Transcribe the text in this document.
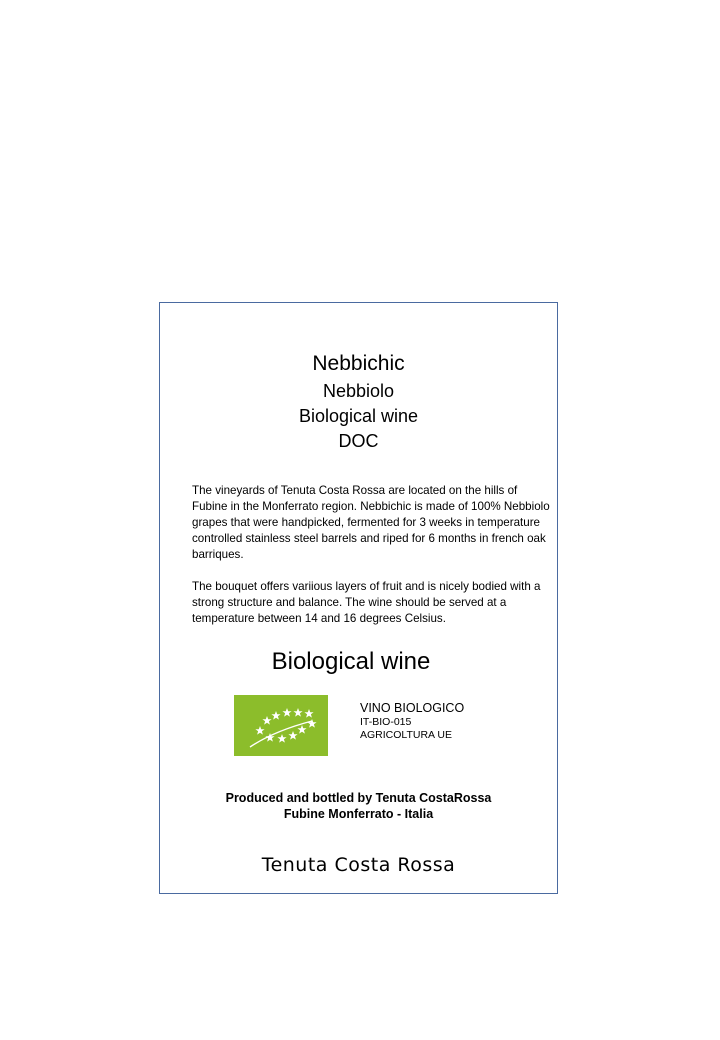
Nebbichic
Nebbiolo
Biological wine
DOC

The vineyards of Tenuta Costa Rossa are located on the hills of Fubine in the Monferrato region. Nebbichic is made of 100% Nebbiolo grapes that were handpicked, fermented for 3 weeks in temperature controlled stainless steel barrels and riped for 6 months in french oak barriques.

The bouquet offers variious layers of fruit and is nicely bodied with a strong structure and balance. The wine should be served at a temperature between 14 and 16 degrees Celsius.

Biological wine
VINO BIOLOGICO
IT-BIO-015
AGRICOLTURA UE
Produced and bottled by Tenuta CostaRossa
Fubine Monferrato - Italia
Tenuta Costa Rossa
